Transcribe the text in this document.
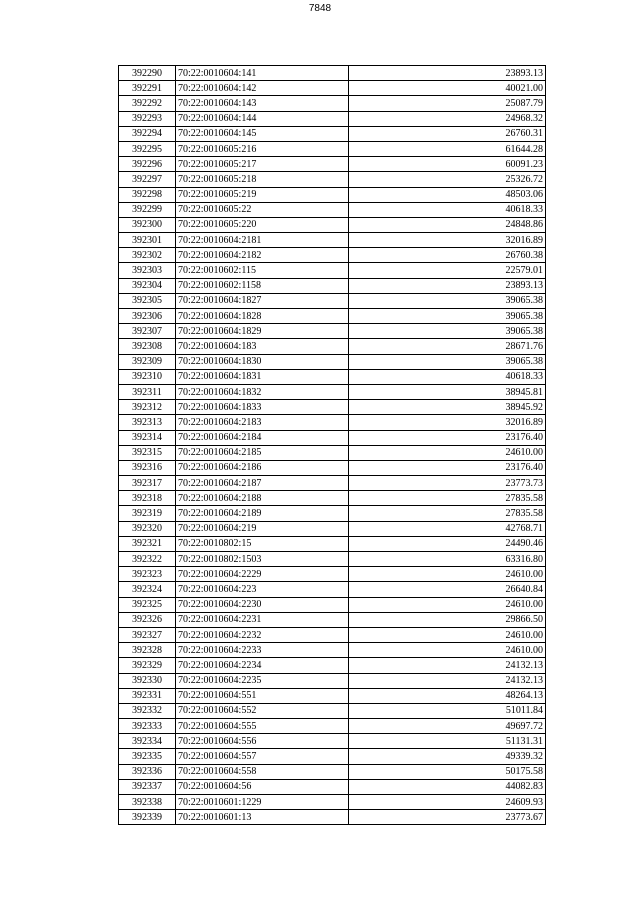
7848
392290	70:22:0010604:141	23893.13
392291	70:22:0010604:142	40021.00
392292	70:22:0010604:143	25087.79
392293	70:22:0010604:144	24968.32
392294	70:22:0010604:145	26760.31
392295	70:22:0010605:216	61644.28
392296	70:22:0010605:217	60091.23
392297	70:22:0010605:218	25326.72
392298	70:22:0010605:219	48503.06
392299	70:22:0010605:22	40618.33
392300	70:22:0010605:220	24848.86
392301	70:22:0010604:2181	32016.89
392302	70:22:0010604:2182	26760.38
392303	70:22:0010602:115	22579.01
392304	70:22:0010602:1158	23893.13
392305	70:22:0010604:1827	39065.38
392306	70:22:0010604:1828	39065.38
392307	70:22:0010604:1829	39065.38
392308	70:22:0010604:183	28671.76
392309	70:22:0010604:1830	39065.38
392310	70:22:0010604:1831	40618.33
392311	70:22:0010604:1832	38945.81
392312	70:22:0010604:1833	38945.92
392313	70:22:0010604:2183	32016.89
392314	70:22:0010604:2184	23176.40
392315	70:22:0010604:2185	24610.00
392316	70:22:0010604:2186	23176.40
392317	70:22:0010604:2187	23773.73
392318	70:22:0010604:2188	27835.58
392319	70:22:0010604:2189	27835.58
392320	70:22:0010604:219	42768.71
392321	70:22:0010802:15	24490.46
392322	70:22:0010802:1503	63316.80
392323	70:22:0010604:2229	24610.00
392324	70:22:0010604:223	26640.84
392325	70:22:0010604:2230	24610.00
392326	70:22:0010604:2231	29866.50
392327	70:22:0010604:2232	24610.00
392328	70:22:0010604:2233	24610.00
392329	70:22:0010604:2234	24132.13
392330	70:22:0010604:2235	24132.13
392331	70:22:0010604:551	48264.13
392332	70:22:0010604:552	51011.84
392333	70:22:0010604:555	49697.72
392334	70:22:0010604:556	51131.31
392335	70:22:0010604:557	49339.32
392336	70:22:0010604:558	50175.58
392337	70:22:0010604:56	44082.83
392338	70:22:0010601:1229	24609.93
392339	70:22:0010601:13	23773.67
